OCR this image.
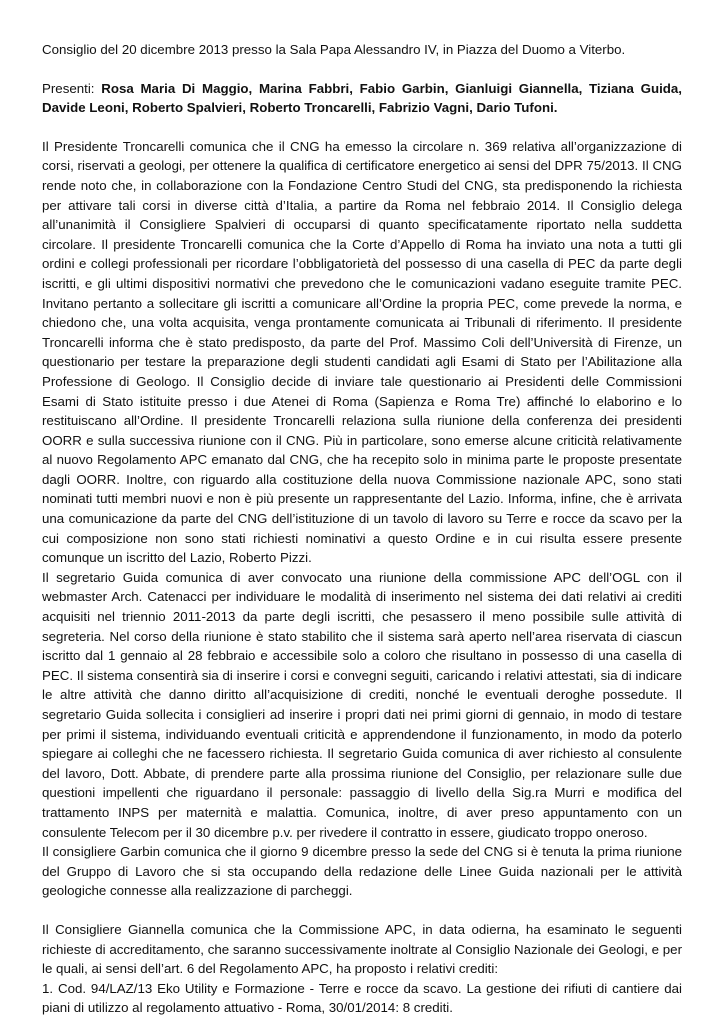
Consiglio del 20 dicembre 2013 presso la Sala Papa Alessandro IV, in Piazza del Duomo a Viterbo.

Presenti: Rosa Maria Di Maggio, Marina Fabbri, Fabio Garbin, Gianluigi Giannella, Tiziana Guida, Davide Leoni, Roberto Spalvieri, Roberto Troncarelli, Fabrizio Vagni, Dario Tufoni.

Il Presidente Troncarelli comunica che il CNG ha emesso la circolare n. 369 relativa all’organizzazione di corsi, riservati a geologi, per ottenere la qualifica di certificatore energetico ai sensi del DPR 75/2013. Il CNG rende noto che, in collaborazione con la Fondazione Centro Studi del CNG, sta predisponendo la richiesta per attivare tali corsi in diverse città d’Italia, a partire da Roma nel febbraio 2014. Il Consiglio delega all’unanimità il Consigliere Spalvieri di occuparsi di quanto specificatamente riportato nella suddetta circolare. Il presidente Troncarelli comunica che la Corte d’Appello di Roma ha inviato una nota a tutti gli ordini e collegi professionali per ricordare l’obbligatorietà del possesso di una casella di PEC da parte degli iscritti, e gli ultimi dispositivi normativi che prevedono che le comunicazioni vadano eseguite tramite PEC. Invitano pertanto a sollecitare gli iscritti a comunicare all’Ordine la propria PEC, come prevede la norma, e chiedono che, una volta acquisita, venga prontamente comunicata ai Tribunali di riferimento. Il presidente Troncarelli informa che è stato predisposto, da parte del Prof. Massimo Coli dell’Università di Firenze, un questionario per testare la preparazione degli studenti candidati agli Esami di Stato per l’Abilitazione alla Professione di Geologo. Il Consiglio decide di inviare tale questionario ai Presidenti delle Commissioni Esami di Stato istituite presso i due Atenei di Roma (Sapienza e Roma Tre) affinché lo elaborino e lo restituiscano all’Ordine. Il presidente Troncarelli relaziona sulla riunione della conferenza dei presidenti OORR e sulla successiva riunione con il CNG. Più in particolare, sono emerse alcune criticità relativamente al nuovo Regolamento APC emanato dal CNG, che ha recepito solo in minima parte le proposte presentate dagli OORR. Inoltre, con riguardo alla costituzione della nuova Commissione nazionale APC, sono stati nominati tutti membri nuovi e non è più presente un rappresentante del Lazio. Informa, infine, che è arrivata una comunicazione da parte del CNG dell’istituzione di un tavolo di lavoro su Terre e rocce da scavo per la cui composizione non sono stati richiesti nominativi a questo Ordine e in cui risulta essere presente comunque un iscritto del Lazio, Roberto Pizzi.

Il segretario Guida comunica di aver convocato una riunione della commissione APC dell’OGL con il webmaster Arch. Catenacci per individuare le modalità di inserimento nel sistema dei dati relativi ai crediti acquisiti nel triennio 2011-2013 da parte degli iscritti, che pesassero il meno possibile sulle attività di segreteria. Nel corso della riunione è stato stabilito che il sistema sarà aperto nell’area riservata di ciascun iscritto dal 1 gennaio al 28 febbraio e accessibile solo a coloro che risultano in possesso di una casella di PEC. Il sistema consentirà sia di inserire i corsi e convegni seguiti, caricando i relativi attestati, sia di indicare le altre attività che danno diritto all’acquisizione di crediti, nonché le eventuali deroghe possedute. Il segretario Guida sollecita i consiglieri ad inserire i propri dati nei primi giorni di gennaio, in modo di testare per primi il sistema, individuando eventuali criticità e apprendendone il funzionamento, in modo da poterlo spiegare ai colleghi che ne facessero richiesta. Il segretario Guida comunica di aver richiesto al consulente del lavoro, Dott. Abbate, di prendere parte alla prossima riunione del Consiglio, per relazionare sulle due questioni impellenti che riguardano il personale: passaggio di livello della Sig.ra Murri e modifica del trattamento INPS per maternità e malattia. Comunica, inoltre, di aver preso appuntamento con un consulente Telecom per il 30 dicembre p.v. per rivedere il contratto in essere, giudicato troppo oneroso.

Il consigliere Garbin comunica che il giorno 9 dicembre presso la sede del CNG si è tenuta la prima riunione del Gruppo di Lavoro che si sta occupando della redazione delle Linee Guida nazionali per le attività geologiche connesse alla realizzazione di parcheggi.

Il Consigliere Giannella comunica che la Commissione APC, in data odierna, ha esaminato le seguenti richieste di accreditamento, che saranno successivamente inoltrate al Consiglio Nazionale dei Geologi, e per le quali, ai sensi dell’art. 6 del Regolamento APC, ha proposto i relativi crediti:

1. Cod. 94/LAZ/13 Eko Utility e Formazione - Terre e rocce da scavo. La gestione dei rifiuti di cantiere dai piani di utilizzo al regolamento attuativo - Roma, 30/01/2014: 8 crediti.
